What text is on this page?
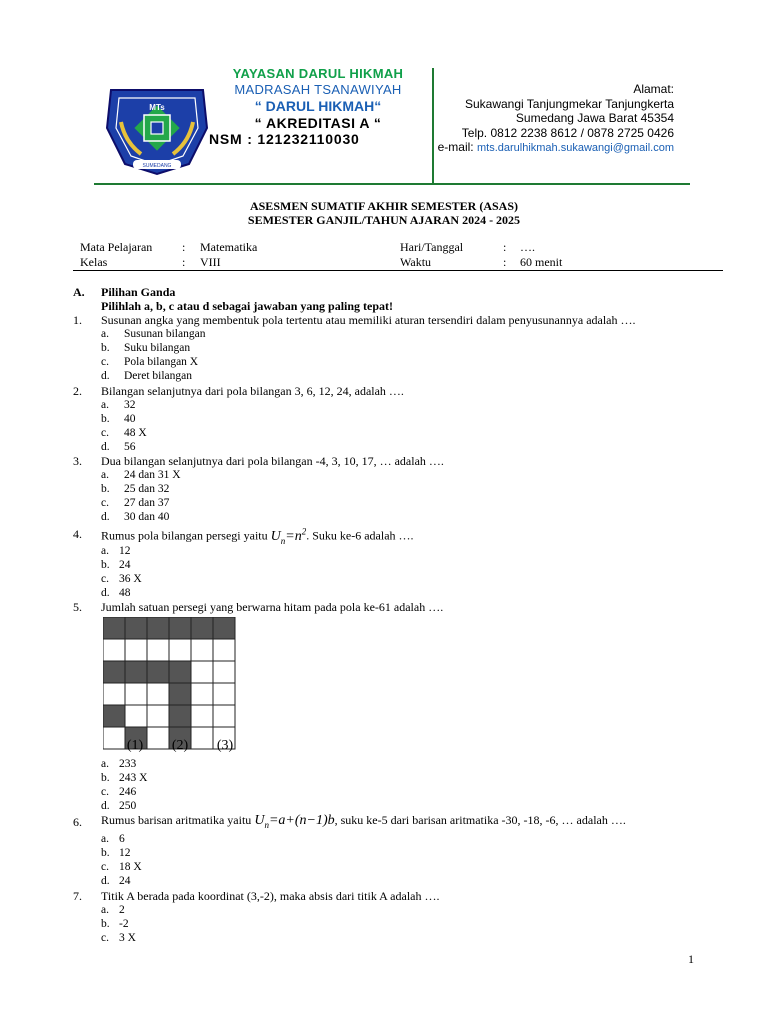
MTs
SUMEDANG
YAYASAN DARUL HIKMAH
MADRASAH TSANAWIYAH
“ DARUL HIKMAH“
“ AKREDITASI A “
NSM : 121232110030
Alamat:
Sukawangi Tanjungmekar Tanjungkerta
Sumedang Jawa Barat 45354
Telp. 0812 2238 8612 / 0878 2725 0426
e-mail: mts.darulhikmah.sukawangi@gmail.com
ASESMEN SUMATIF AKHIR SEMESTER (ASAS)
SEMESTER GANJIL/TAHUN AJARAN 2024 - 2025
Mata Pelajaran : Matematika	Hari/Tanggal	: ….
Kelas	: VIII	Waktu	: 60 menit
A. Pilihan Ganda
Pilihlah a, b, c atau d sebagai jawaban yang paling tepat!
1. Susunan angka yang membentuk pola tertentu atau memiliki aturan tersendiri dalam penyusunannya adalah ….
a. Susunan bilangan
b. Suku bilangan
c. Pola bilangan X
d. Deret bilangan
2. Bilangan selanjutnya dari pola bilangan 3, 6, 12, 24, adalah ….
a. 32
b. 40
c. 48 X
d. 56
3. Dua bilangan selanjutnya dari pola bilangan -4, 3, 10, 17, … adalah ….
a. 24 dan 31 X
b. 25 dan 32
c. 27 dan 37
d. 30 dan 40
4. Rumus pola bilangan persegi yaitu $U_n=n^2$. Suku ke-6 adalah ….
a. 12
b. 24
c. 36 X
d. 48
5. Jumlah satuan persegi yang berwarna hitam pada pola ke-61 adalah ….
(1) (2) (3)
a. 233
b. 243 X
c. 246
d. 250
6. Rumus barisan aritmatika yaitu $U_n=a+(n-1)b$, suku ke-5 dari barisan aritmatika -30, -18, -6, … adalah ….
a. 6
b. 12
c. 18 X
d. 24
7. Titik A berada pada koordinat (3,-2), maka absis dari titik A adalah ….
a. 2
b. -2
c. 3 X
1
